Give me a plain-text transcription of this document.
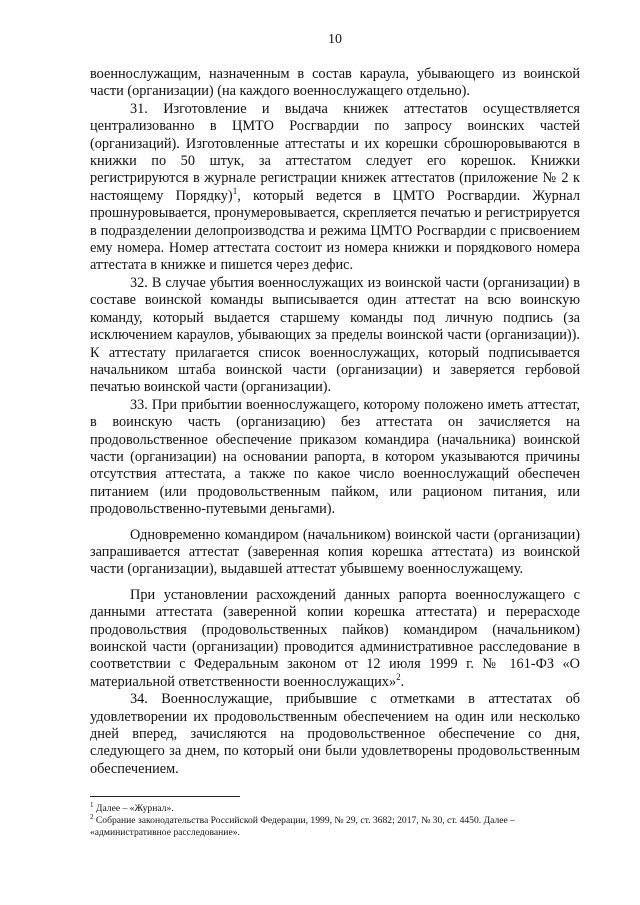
10

военнослужащим, назначенным в состав караула, убывающего из воинской части (организации) (на каждого военнослужащего отдельно).

31. Изготовление и выдача книжек аттестатов осуществляется централизованно в ЦМТО Росгвардии по запросу воинских частей (организаций). Изготовленные аттестаты и их корешки сброшюровываются в книжки по 50 штук, за аттестатом следует его корешок. Книжки регистрируются в журнале регистрации книжек аттестатов (приложение № 2 к настоящему Порядку)$^1$, который ведется в ЦМТО Росгвардии. Журнал прошнуровывается, пронумеровывается, скрепляется печатью и регистрируется в подразделении делопроизводства и режима ЦМТО Росгвардии с присвоением ему номера. Номер аттестата состоит из номера книжки и порядкового номера аттестата в книжке и пишется через дефис.

32. В случае убытия военнослужащих из воинской части (организации) в составе воинской команды выписывается один аттестат на всю воинскую команду, который выдается старшему команды под личную подпись (за исключением караулов, убывающих за пределы воинской части (организации)). К аттестату прилагается список военнослужащих, который подписывается начальником штаба воинской части (организации) и заверяется гербовой печатью воинской части (организации).

33. При прибытии военнослужащего, которому положено иметь аттестат, в воинскую часть (организацию) без аттестата он зачисляется на продовольственное обеспечение приказом командира (начальника) воинской части (организации) на основании рапорта, в котором указываются причины отсутствия аттестата, а также по какое число военнослужащий обеспечен питанием (или продовольственным пайком, или рационом питания, или продовольственно-путевыми деньгами).

Одновременно командиром (начальником) воинской части (организации) запрашивается аттестат (заверенная копия корешка аттестата) из воинской части (организации), выдавшей аттестат убывшему военнослужащему.

При установлении расхождений данных рапорта военнослужащего с данными аттестата (заверенной копии корешка аттестата) и перерасходе продовольствия (продовольственных пайков) командиром (начальником) воинской части (организации) проводится административное расследование в соответствии с Федеральным законом от 12 июля 1999 г. № 161-ФЗ «О материальной ответственности военнослужащих»$^2$.

34. Военнослужащие, прибывшие с отметками в аттестатах об удовлетворении их продовольственным обеспечением на один или несколько дней вперед, зачисляются на продовольственное обеспечение со дня, следующего за днем, по который они были удовлетворены продовольственным обеспечением.

$^1$ Далее – «Журнал».

$^2$ Собрание законодательства Российской Федерации, 1999, № 29, ст. 3682; 2017, № 30, ст. 4450. Далее – «административное расследование».
